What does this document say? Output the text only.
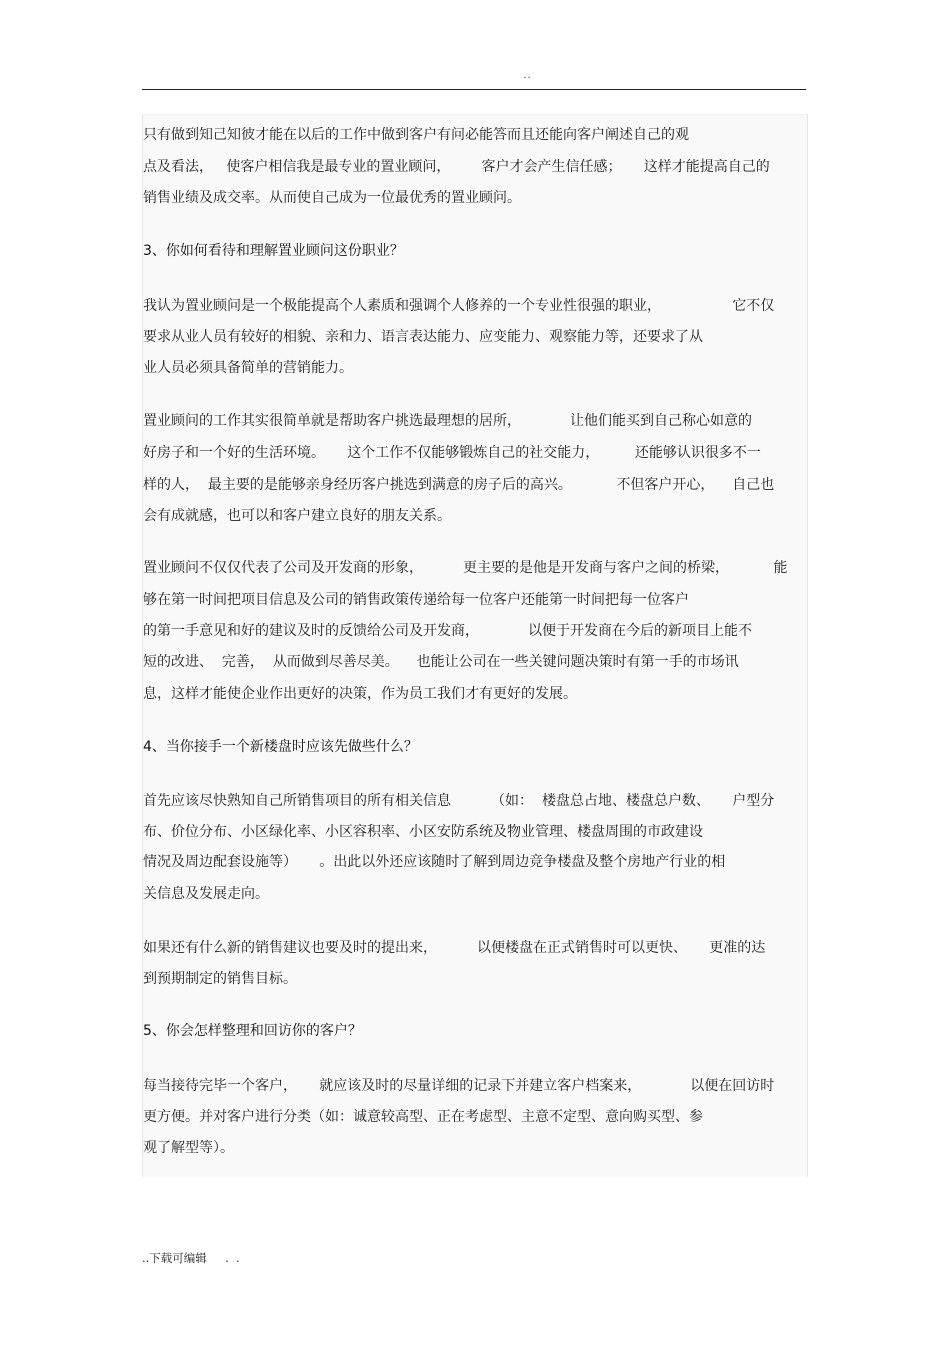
..
只有做到知己知彼才能在以后的工作中做到客户有问必能答而且还能向客户阐述自己的观
点及看法，   使客户相信我是最专业的置业顾问，       客户才会产生信任感；     这样才能提高自己的
销售业绩及成交率。从而使自己成为一位最优秀的置业顾问。
3、你如何看待和理解置业顾问这份职业？
我认为置业顾问是一个极能提高个人素质和强调个人修养的一个专业性很强的职业，                它不仅
要求从业人员有较好的相貌、亲和力、语言表达能力、应变能力、观察能力等，还要求了从
业人员必须具备简单的营销能力。
置业顾问的工作其实很简单就是帮助客户挑选最理想的居所，           让他们能买到自己称心如意的
好房子和一个好的生活环境。     这个工作不仅能够锻炼自己的社交能力，        还能够认识很多不一
样的人，  最主要的是能够亲身经历客户挑选到满意的房子后的高兴。          不但客户开心，    自己也
会有成就感，也可以和客户建立良好的朋友关系。
置业顾问不仅仅代表了公司及开发商的形象，         更主要的是他是开发商与客户之间的桥梁，          能
够在第一时间把项目信息及公司的销售政策传递给每一位客户还能第一时间把每一位客户
的第一手意见和好的建议及时的反馈给公司及开发商，           以便于开发商在今后的新项目上能不
短的改进、  完善，  从而做到尽善尽美。    也能让公司在一些关键问题决策时有第一手的市场讯
息，这样才能使企业作出更好的决策，作为员工我们才有更好的发展。
4、当你接手一个新楼盘时应该先做些什么？
首先应该尽快熟知自己所销售项目的所有相关信息         （如：  楼盘总占地、楼盘总户数、     户型分
布、价位分布、小区绿化率、小区容积率、小区安防系统及物业管理、楼盘周围的市政建设
情况及周边配套设施等）     。出此以外还应该随时了解到周边竞争楼盘及整个房地产行业的相
关信息及发展走向。
如果还有什么新的销售建议也要及时的提出来，         以便楼盘在正式销售时可以更快、     更准的达
到预期制定的销售目标。
5、你会怎样整理和回访你的客户？
每当接待完毕一个客户，     就应该及时的尽量详细的记录下并建立客户档案来，           以便在回访时
更方便。并对客户进行分类（如：诚意较高型、正在考虑型、主意不定型、意向购买型、参
观了解型等）。
..下载可编辑     .  .
